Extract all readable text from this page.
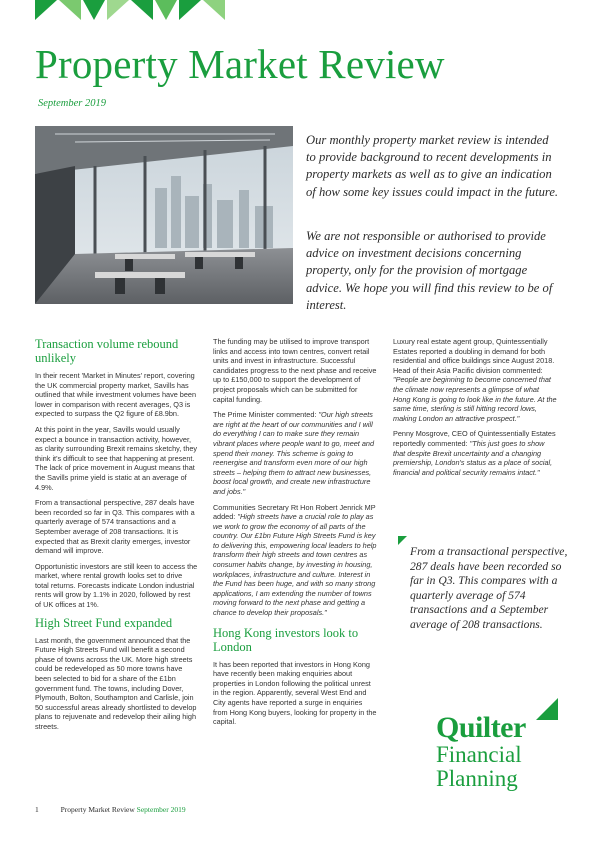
Property Market Review
September 2019
Our monthly property market review is intended to provide background to recent developments in property markets as well as to give an indication of how some key issues could impact in the future.
We are not responsible or authorised to provide advice on investment decisions concerning property, only for the provision of mortgage advice. We hope you will find this review to be of interest.
Transaction volume rebound unlikely

In their recent 'Market in Minutes' report, covering the UK commercial property market, Savills has outlined that while investment volumes have been lower in comparison with recent averages, Q3 is expected to surpass the Q2 figure of £8.9bn.

At this point in the year, Savills would usually expect a bounce in transaction activity, however, as clarity surrounding Brexit remains sketchy, they think it's difficult to see that happening at present. The lack of price movement in August means that the Savills prime yield is static at an average of 4.9%.

From a transactional perspective, 287 deals have been recorded so far in Q3. This compares with a quarterly average of 574 transactions and a September average of 208 transactions. It is expected that as Brexit clarity emerges, investor demand will improve.

Opportunistic investors are still keen to access the market, where rental growth looks set to drive total returns. Forecasts indicate London industrial rents will grow by 1.1% in 2020, followed by rest of UK offices at 1%.

High Street Fund expanded

Last month, the government announced that the Future High Streets Fund will benefit a second phase of towns across the UK. More high streets could be redeveloped as 50 more towns have been selected to bid for a share of the £1bn government fund. The towns, including Dover, Plymouth, Bolton, Southampton and Carlisle, join 50 successful areas already shortlisted to develop plans to rejuvenate and redevelop their ailing high streets.

The funding may be utilised to improve transport links and access into town centres, convert retail units and invest in infrastructure. Successful candidates progress to the next phase and receive up to £150,000 to support the development of project proposals which can be submitted for capital funding.

The Prime Minister commented: "Our high streets are right at the heart of our communities and I will do everything I can to make sure they remain vibrant places where people want to go, meet and spend their money. This scheme is going to reenergise and transform even more of our high streets – helping them to attract new businesses, boost local growth, and create new infrastructure and jobs."

Communities Secretary Rt Hon Robert Jenrick MP added: "High streets have a crucial role to play as we work to grow the economy of all parts of the country. Our £1bn Future High Streets Fund is key to delivering this, empowering local leaders to help transform their high streets and town centres as consumer habits change, by investing in housing, workplaces, infrastructure and culture. Interest in the Fund has been huge, and with so many strong applications, I am extending the number of towns moving forward to the next phase and getting a chance to develop their proposals."

Hong Kong investors look to London

It has been reported that investors in Hong Kong have recently been making enquiries about properties in London following the political unrest in the region. Apparently, several West End and City agents have reported a surge in enquiries from Hong Kong buyers, looking for property in the capital.

Luxury real estate agent group, Quintessentially Estates reported a doubling in demand for both residential and office buildings since August 2018. Head of their Asia Pacific division commented: "People are beginning to become concerned that the climate now represents a glimpse of what Hong Kong is going to look like in the future. At the same time, sterling is still hitting record lows, making London an attractive prospect."

Penny Mosgrove, CEO of Quintessentially Estates reportedly commented: "This just goes to show that despite Brexit uncertainty and a changing premiership, London's status as a place of social, financial and political security remains intact."

From a transactional perspective, 287 deals have been recorded so far in Q3. This compares with a quarterly average of 574 transactions and a September average of 208 transactions.
Quilter
Financial
Planning
1	Property Market Review September 2019
